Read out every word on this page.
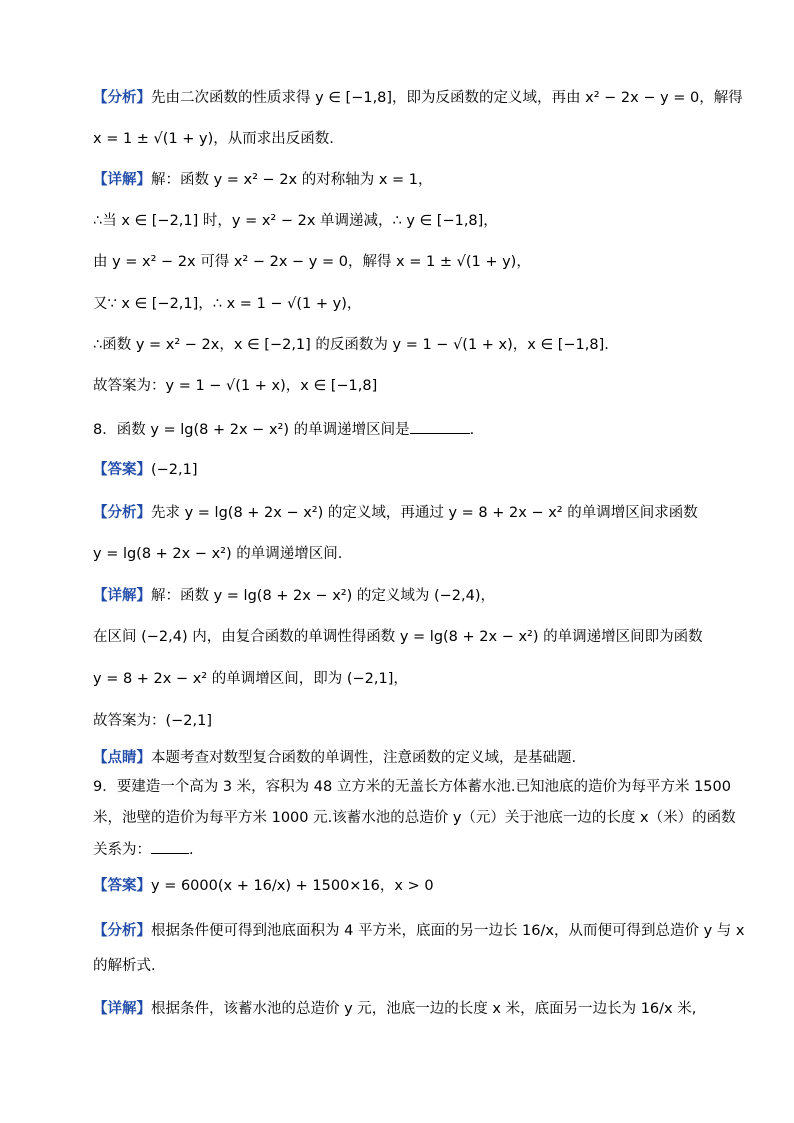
【分析】先由二次函数的性质求得 y ∈ [−1,8]，即为反函数的定义域，再由 x² − 2x − y = 0，解得
x = 1 ± √(1 + y)，从而求出反函数.
【详解】解：函数 y = x² − 2x 的对称轴为 x = 1，
∴当 x ∈ [−2,1] 时，y = x² − 2x 单调递减，∴ y ∈ [−1,8]，
由 y = x² − 2x 可得 x² − 2x − y = 0，解得 x = 1 ± √(1 + y)，
又∵ x ∈ [−2,1]，∴ x = 1 − √(1 + y)，
∴函数 y = x² − 2x，x ∈ [−2,1] 的反函数为 y = 1 − √(1 + x)，x ∈ [−1,8].
故答案为：y = 1 − √(1 + x)，x ∈ [−1,8]
8．函数 y = lg(8 + 2x − x²) 的单调递增区间是	.
【答案】(−2,1]
【分析】先求 y = lg(8 + 2x − x²) 的定义域，再通过 y = 8 + 2x − x² 的单调增区间求函数
y = lg(8 + 2x − x²) 的单调递增区间.
【详解】解：函数 y = lg(8 + 2x − x²) 的定义域为 (−2,4)，
在区间 (−2,4) 内，由复合函数的单调性得函数 y = lg(8 + 2x − x²) 的单调递增区间即为函数
y = 8 + 2x − x² 的单调增区间，即为 (−2,1]，
故答案为：(−2,1]
【点睛】本题考查对数型复合函数的单调性，注意函数的定义域，是基础题.
9．要建造一个高为 3 米，容积为 48 立方米的无盖长方体蓄水池.已知池底的造价为每平方米 1500
米，池壁的造价为每平方米 1000 元.该蓄水池的总造价 y（元）关于池底一边的长度 x（米）的函数
关系为：	.
【答案】y = 6000(x + 16/x) + 1500×16，x > 0
【分析】根据条件便可得到池底面积为 4 平方米，底面的另一边长 16/x，从而便可得到总造价 y 与 x
的解析式.
【详解】根据条件，该蓄水池的总造价 y 元，池底一边的长度 x 米，底面另一边长为 16/x 米,
